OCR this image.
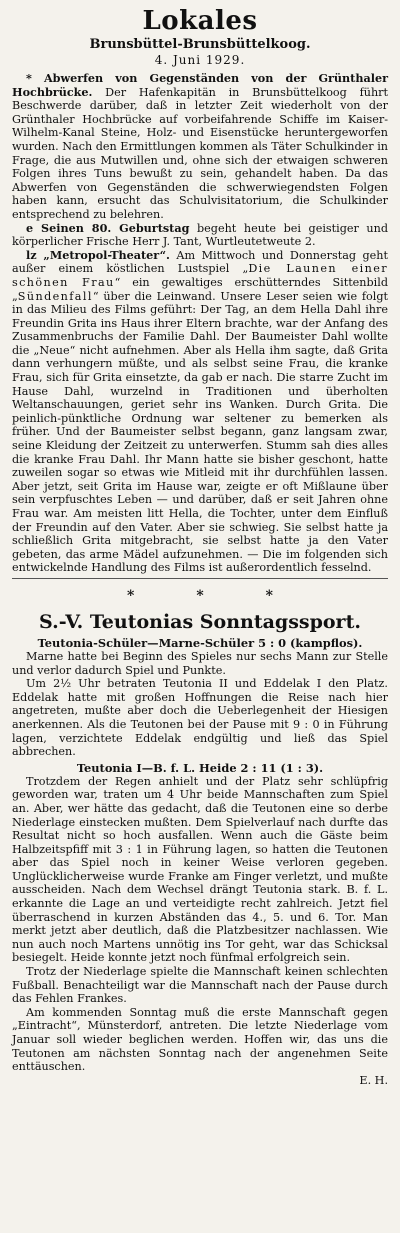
Lokales
Brunsbüttel-Brunsbüttelkoog.
4. Juni 1929.

* Abwerfen von Gegenständen von der Grünthaler Hochbrücke. Der Hafenkapitän in Brunsbüttelkoog führt Beschwerde darüber, daß in letzter Zeit wiederholt von der Grünthaler Hochbrücke auf vorbeifahrende Schiffe im Kaiser-Wilhelm-Kanal Steine, Holz- und Eisenstücke heruntergeworfen wurden. Nach den Ermittlungen kommen als Täter Schulkinder in Frage, die aus Mutwillen und, ohne sich der etwaigen schweren Folgen ihres Tuns bewußt zu sein, gehandelt haben. Da das Abwerfen von Gegenständen die schwerwiegendsten Folgen haben kann, ersucht das Schulvisitatorium, die Schulkinder entsprechend zu belehren.

e Seinen 80. Geburtstag begeht heute bei geistiger und körperlicher Frische Herr J. Tant, Wurtleutetweute 2.

lz „Metropol-Theater“. Am Mittwoch und Donnerstag geht außer einem köstlichen Lustspiel „Die Launen einer schönen Frau“ ein gewaltiges erschütterndes Sittenbild „Sündenfall“ über die Leinwand. Unsere Leser seien wie folgt in das Milieu des Films geführt: Der Tag, an dem Hella Dahl ihre Freundin Grita ins Haus ihrer Eltern brachte, war der Anfang des Zusammenbruchs der Familie Dahl. Der Baumeister Dahl wollte die „Neue“ nicht aufnehmen. Aber als Hella ihm sagte, daß Grita dann verhungern müßte, und als selbst seine Frau, die kranke Frau, sich für Grita einsetzte, da gab er nach. Die starre Zucht im Hause Dahl, wurzelnd in Traditionen und überholten Weltanschauungen, geriet sehr ins Wanken. Durch Grita. Die peinlich-pünktliche Ordnung war seltener zu bemerken als früher. Und der Baumeister selbst begann, ganz langsam zwar, seine Kleidung der Zeitzeit zu unterwerfen. Stumm sah dies alles die kranke Frau Dahl. Ihr Mann hatte sie bisher geschont, hatte zuweilen sogar so etwas wie Mitleid mit ihr durchfühlen lassen. Aber jetzt, seit Grita im Hause war, zeigte er oft Mißlaune über sein verpfuschtes Leben — und darüber, daß er seit Jahren ohne Frau war. Am meisten litt Hella, die Tochter, unter dem Einfluß der Freundin auf den Vater. Aber sie schwieg. Sie selbst hatte ja schließlich Grita mitgebracht, sie selbst hatte ja den Vater gebeten, das arme Mädel aufzunehmen. — Die im folgenden sich entwickelnde Handlung des Films ist außerordentlich fesselnd.

*	*	*
S.-V. Teutonias Sonntagssport.
Teutonia-Schüler—Marne-Schüler 5 : 0 (kampflos).

Marne hatte bei Beginn des Spieles nur sechs Mann zur Stelle und verlor dadurch Spiel und Punkte.

Um 2½ Uhr betraten Teutonia II und Eddelak I den Platz. Eddelak hatte mit großen Hoffnungen die Reise nach hier angetreten, mußte aber doch die Ueberlegenheit der Hiesigen anerkennen. Als die Teutonen bei der Pause mit 9 : 0 in Führung lagen, verzichtete Eddelak endgültig und ließ das Spiel abbrechen.

Teutonia I—B. f. L. Heide 2 : 11 (1 : 3).

Trotzdem der Regen anhielt und der Platz sehr schlüpfrig geworden war, traten um 4 Uhr beide Mannschaften zum Spiel an. Aber, wer hätte das gedacht, daß die Teutonen eine so derbe Niederlage einstecken mußten. Dem Spielverlauf nach durfte das Resultat nicht so hoch ausfallen. Wenn auch die Gäste beim Halbzeitspfiff mit 3 : 1 in Führung lagen, so hatten die Teutonen aber das Spiel noch in keiner Weise verloren gegeben. Unglücklicherweise wurde Franke am Finger verletzt, und mußte ausscheiden. Nach dem Wechsel drängt Teutonia stark. B. f. L. erkannte die Lage an und verteidigte recht zahlreich. Jetzt fiel überraschend in kurzen Abständen das 4., 5. und 6. Tor. Man merkt jetzt aber deutlich, daß die Platzbesitzer nachlassen. Wie nun auch noch Martens unnötig ins Tor geht, war das Schicksal besiegelt. Heide konnte jetzt noch fünfmal erfolgreich sein.

Trotz der Niederlage spielte die Mannschaft keinen schlechten Fußball. Benachteiligt war die Mannschaft nach der Pause durch das Fehlen Frankes.

Am kommenden Sonntag muß die erste Mannschaft gegen „Eintracht“, Münsterdorf, antreten. Die letzte Niederlage vom Januar soll wieder beglichen werden. Hoffen wir, das uns die Teutonen am nächsten Sonntag nach der angenehmen Seite enttäuschen.

E. H.
